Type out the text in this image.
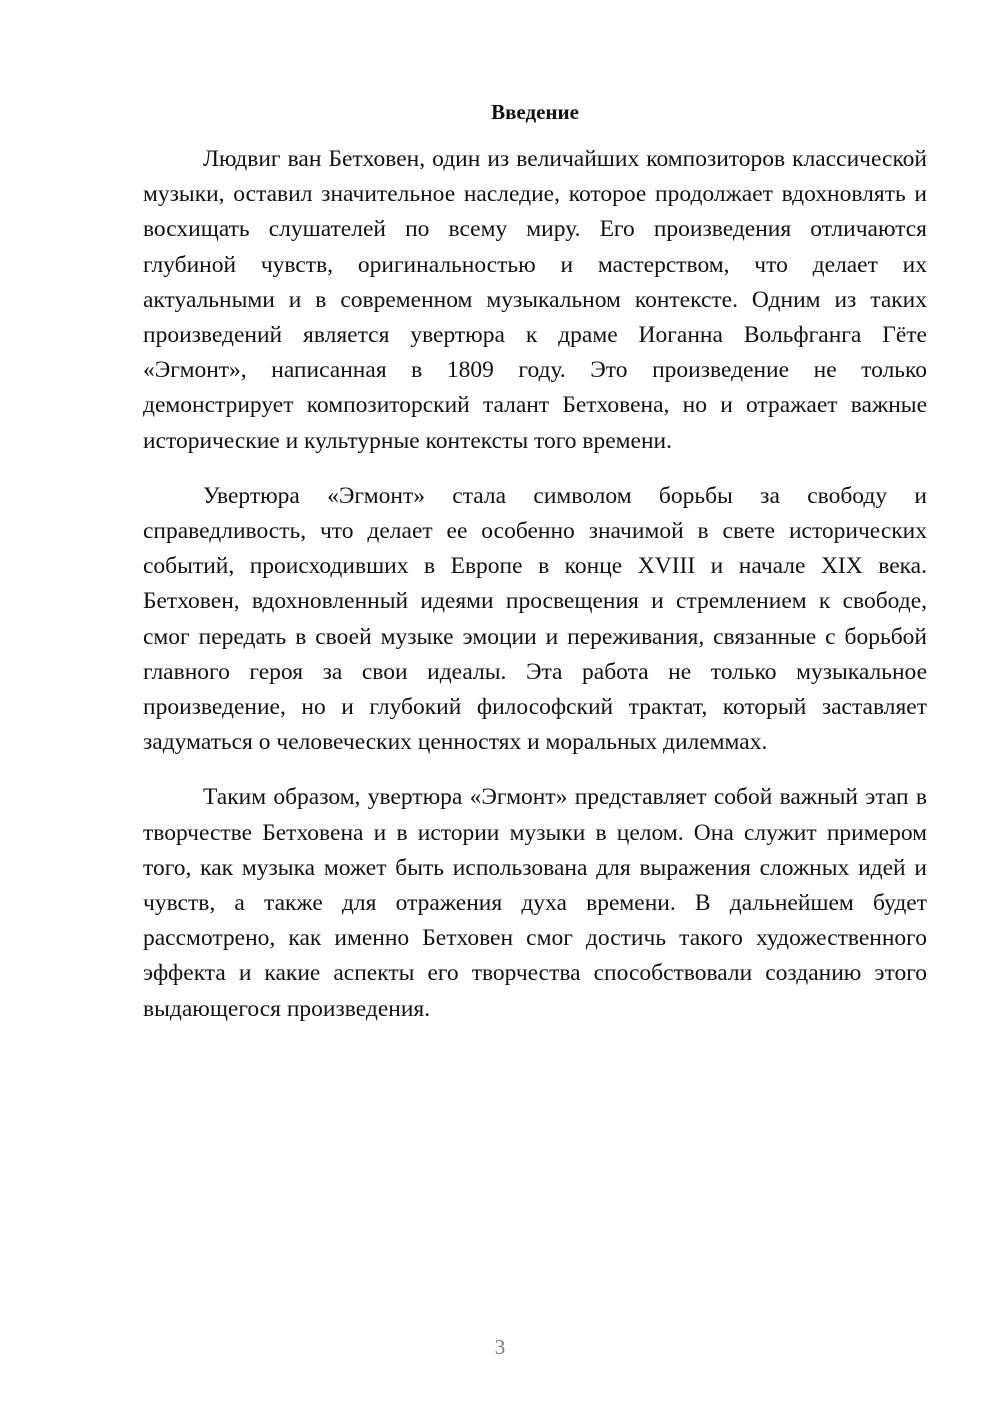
Введение

Людвиг ван Бетховен, один из величайших композиторов классической музыки, оставил значительное наследие, которое продолжает вдохновлять и восхищать слушателей по всему миру. Его произведения отличаются глубиной чувств, оригинальностью и мастерством, что делает их актуальными и в современном музыкальном контексте. Одним из таких произведений является увертюра к драме Иоганна Вольфганга Гёте «Эгмонт», написанная в 1809 году. Это произведение не только демонстрирует композиторский талант Бетховена, но и отражает важные исторические и культурные контексты того времени.

Увертюра «Эгмонт» стала символом борьбы за свободу и справедливость, что делает ее особенно значимой в свете исторических событий, происходивших в Европе в конце XVIII и начале XIX века. Бетховен, вдохновленный идеями просвещения и стремлением к свободе, смог передать в своей музыке эмоции и переживания, связанные с борьбой главного героя за свои идеалы. Эта работа не только музыкальное произведение, но и глубокий философский трактат, который заставляет задуматься о человеческих ценностях и моральных дилеммах.

Таким образом, увертюра «Эгмонт» представляет собой важный этап в творчестве Бетховена и в истории музыки в целом. Она служит примером того, как музыка может быть использована для выражения сложных идей и чувств, а также для отражения духа времени. В дальнейшем будет рассмотрено, как именно Бетховен смог достичь такого художественного эффекта и какие аспекты его творчества способствовали созданию этого выдающегося произведения.

3
